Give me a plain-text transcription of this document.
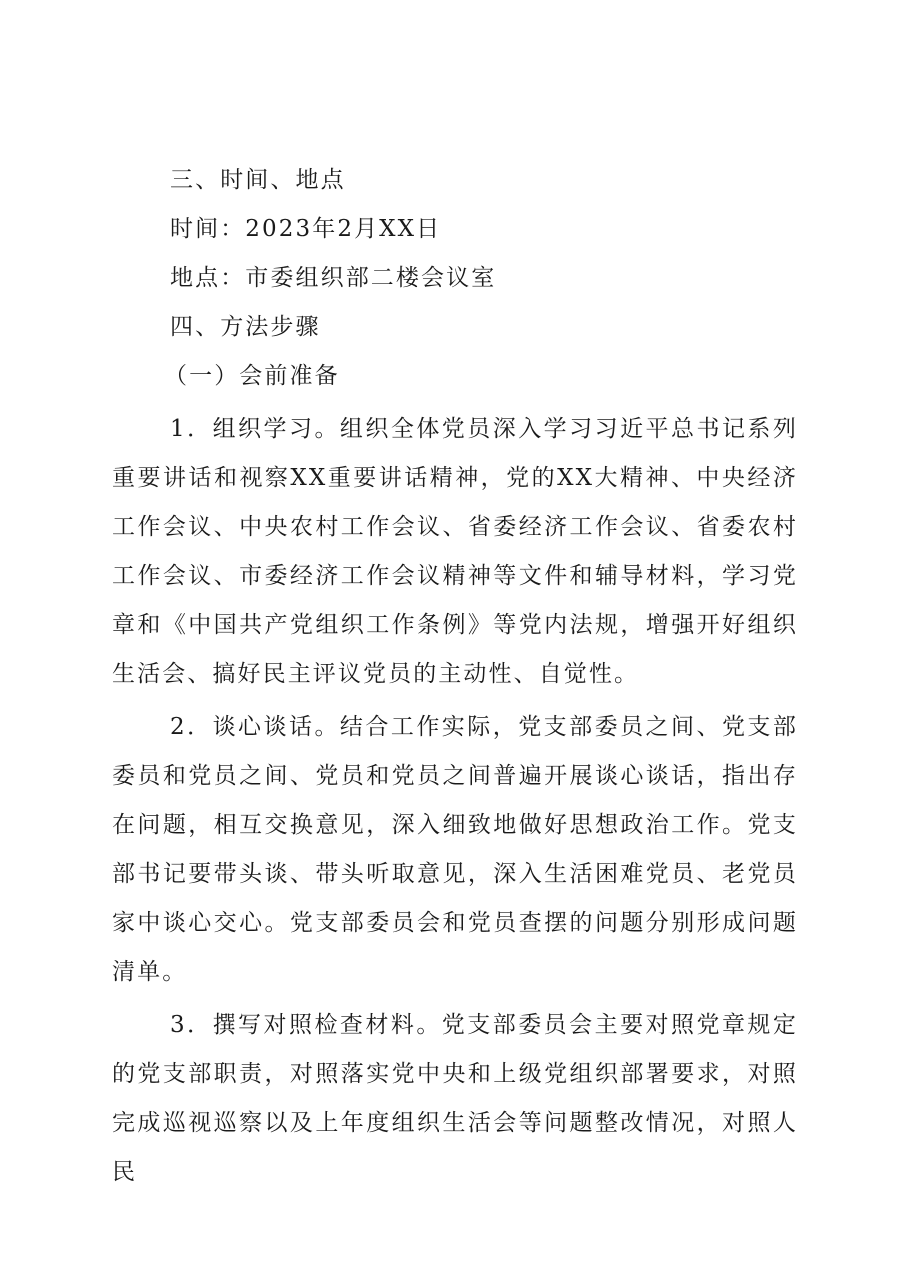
三、时间、地点

时间：2023年2月XX日

地点：市委组织部二楼会议室

四、方法步骤

（一）会前准备

1．组织学习。组织全体党员深入学习习近平总书记系列重要讲话和视察XX重要讲话精神，党的XX大精神、中央经济工作会议、中央农村工作会议、省委经济工作会议、省委农村工作会议、市委经济工作会议精神等文件和辅导材料，学习党章和《中国共产党组织工作条例》等党内法规，增强开好组织生活会、搞好民主评议党员的主动性、自觉性。

2．谈心谈话。结合工作实际，党支部委员之间、党支部委员和党员之间、党员和党员之间普遍开展谈心谈话，指出存在问题，相互交换意见，深入细致地做好思想政治工作。党支部书记要带头谈、带头听取意见，深入生活困难党员、老党员家中谈心交心。党支部委员会和党员查摆的问题分别形成问题清单。

3．撰写对照检查材料。党支部委员会主要对照党章规定的党支部职责，对照落实党中央和上级党组织部署要求，对照完成巡视巡察以及上年度组织生活会等问题整改情况，对照人民
